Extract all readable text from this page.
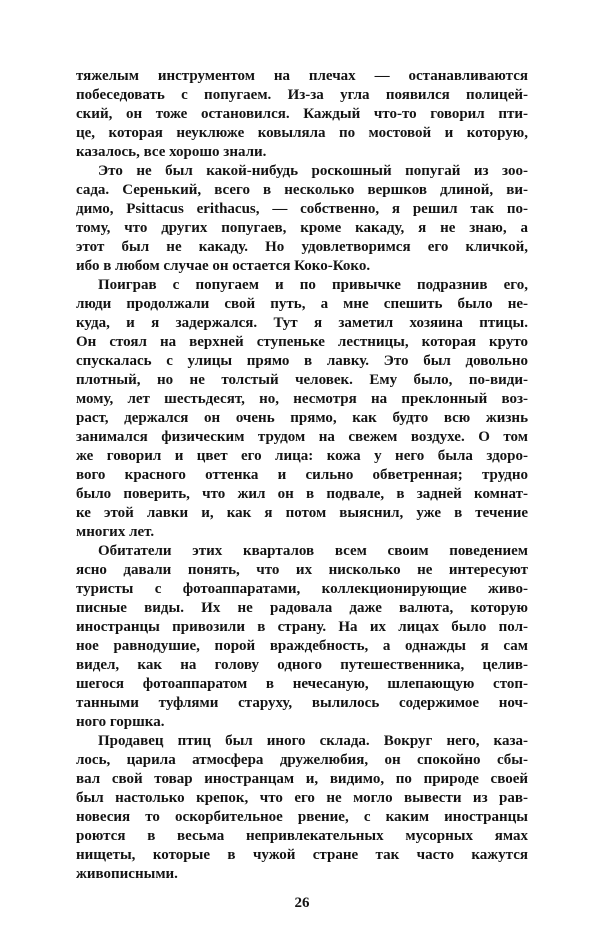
тяжелым инструментом на плечах — останавливаются
побеседовать с попугаем. Из-за угла появился полицей-
ский, он тоже остановился. Каждый что-то говорил пти-
це, которая неуклюже ковыляла по мостовой и которую,
казалось, все хорошо знали.
Это не был какой-нибудь роскошный попугай из зоо-
сада. Серенький, всего в несколько вершков длиной, ви-
димо, Psittacus erithacus, — собственно, я решил так по-
тому, что других попугаев, кроме какаду, я не знаю, а
этот был не какаду. Но удовлетворимся его кличкой,
ибо в любом случае он остается Коко-Коко.
Поиграв с попугаем и по привычке подразнив его,
люди продолжали свой путь, а мне спешить было не-
куда, и я задержался. Тут я заметил хозяина птицы.
Он стоял на верхней ступеньке лестницы, которая круто
спускалась с улицы прямо в лавку. Это был довольно
плотный, но не толстый человек. Ему было, по-види-
мому, лет шестьдесят, но, несмотря на преклонный воз-
раст, держался он очень прямо, как будто всю жизнь
занимался физическим трудом на свежем воздухе. О том
же говорил и цвет его лица: кожа у него была здоро-
вого красного оттенка и сильно обветренная; трудно
было поверить, что жил он в подвале, в задней комнат-
ке этой лавки и, как я потом выяснил, уже в течение
многих лет.
Обитатели этих кварталов всем своим поведением
ясно давали понять, что их нисколько не интересуют
туристы с фотоаппаратами, коллекционирующие живо-
писные виды. Их не радовала даже валюта, которую
иностранцы привозили в страну. На их лицах было пол-
ное равнодушие, порой враждебность, а однажды я сам
видел, как на голову одного путешественника, целив-
шегося фотоаппаратом в нечесаную, шлепающую стоп-
танными туфлями старуху, вылилось содержимое ноч-
ного горшка.
Продавец птиц был иного склада. Вокруг него, каза-
лось, царила атмосфера дружелюбия, он спокойно сбы-
вал свой товар иностранцам и, видимо, по природе своей
был настолько крепок, что его не могло вывести из рав-
новесия то оскорбительное рвение, с каким иностранцы
роются в весьма непривлекательных мусорных ямах
нищеты, которые в чужой стране так часто кажутся
живописными.
26
